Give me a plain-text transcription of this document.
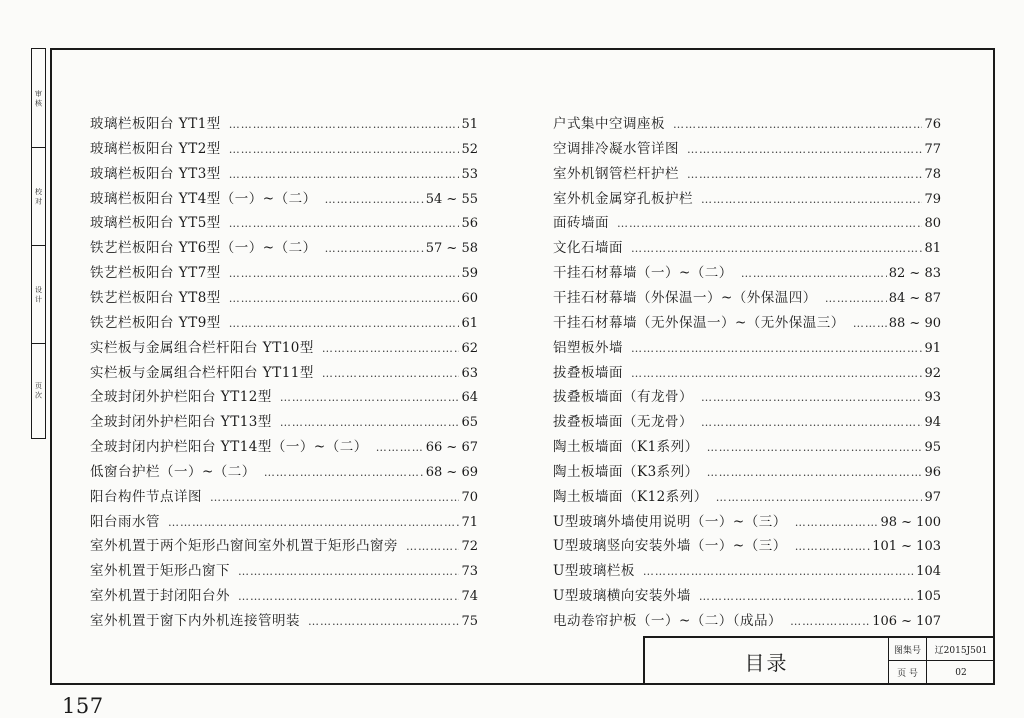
审 核
校 对
设 计
页 次
玻璃栏板阳台 YT1型 ………………………………………………………………………………………………………………………………………………	51
玻璃栏板阳台 YT2型 ………………………………………………………………………………………………………………………………………………	52
玻璃栏板阳台 YT3型 ………………………………………………………………………………………………………………………………………………	53
玻璃栏板阳台 YT4型（一）~（二） ………………………………………………………………………………………………………………………………………………	54 ~ 55
玻璃栏板阳台 YT5型 ………………………………………………………………………………………………………………………………………………	56
铁艺栏板阳台 YT6型（一）~（二） ………………………………………………………………………………………………………………………………………………	57 ~ 58
铁艺栏板阳台 YT7型 ………………………………………………………………………………………………………………………………………………	59
铁艺栏板阳台 YT8型 ………………………………………………………………………………………………………………………………………………	60
铁艺栏板阳台 YT9型 ………………………………………………………………………………………………………………………………………………	61
实栏板与金属组合栏杆阳台 YT10型 ………………………………………………………………………………………………………………………………………………	62
实栏板与金属组合栏杆阳台 YT11型 ………………………………………………………………………………………………………………………………………………	63
全玻封闭外护栏阳台 YT12型 ………………………………………………………………………………………………………………………………………………	64
全玻封闭外护栏阳台 YT13型 ………………………………………………………………………………………………………………………………………………	65
全玻封闭内护栏阳台 YT14型（一）~（二） ………………………………………………………………………………………………………………………………………………	66 ~ 67
低窗台护栏（一）~（二） ………………………………………………………………………………………………………………………………………………	68 ~ 69
阳台构件节点详图 ………………………………………………………………………………………………………………………………………………	70
阳台雨水管 ………………………………………………………………………………………………………………………………………………	71
室外机置于两个矩形凸窗间室外机置于矩形凸窗旁 ………………………………………………………………………………………………………………………………………………	72
室外机置于矩形凸窗下 ………………………………………………………………………………………………………………………………………………	73
室外机置于封闭阳台外 ………………………………………………………………………………………………………………………………………………	74
室外机置于窗下内外机连接管明装 ………………………………………………………………………………………………………………………………………………	75
户式集中空调座板 ………………………………………………………………………………………………………………………………………………	76
空调排冷凝水管详图 ………………………………………………………………………………………………………………………………………………	77
室外机钢管栏杆护栏 ………………………………………………………………………………………………………………………………………………	78
室外机金属穿孔板护栏 ………………………………………………………………………………………………………………………………………………	79
面砖墙面 ………………………………………………………………………………………………………………………………………………	80
文化石墙面 ………………………………………………………………………………………………………………………………………………	81
干挂石材幕墙（一）~（二） ………………………………………………………………………………………………………………………………………………	82 ~ 83
干挂石材幕墙（外保温一）~（外保温四） ………………………………………………………………………………………………………………………………………………	84 ~ 87
干挂石材幕墙（无外保温一）~（无外保温三） ………………………………………………………………………………………………………………………………………………	88 ~ 90
铝塑板外墙 ………………………………………………………………………………………………………………………………………………	91
拔叠板墙面 ………………………………………………………………………………………………………………………………………………	92
拔叠板墙面（有龙骨） ………………………………………………………………………………………………………………………………………………	93
拔叠板墙面（无龙骨） ………………………………………………………………………………………………………………………………………………	94
陶土板墙面（K1系列） ………………………………………………………………………………………………………………………………………………	95
陶土板墙面（K3系列） ………………………………………………………………………………………………………………………………………………	96
陶土板墙面（K12系列） ………………………………………………………………………………………………………………………………………………	97
U型玻璃外墙使用说明（一）~（三） ………………………………………………………………………………………………………………………………………………	98 ~ 100
U型玻璃竖向安装外墙（一）~（三） ………………………………………………………………………………………………………………………………………………	101 ~ 103
U型玻璃栏板 ………………………………………………………………………………………………………………………………………………	104
U型玻璃横向安装外墙 ………………………………………………………………………………………………………………………………………………	105
电动卷帘护板（一）~（二）（成品） ………………………………………………………………………………………………………………………………………………	106 ~ 107
目录
图集号	辽2015J501
页 号	02
157
